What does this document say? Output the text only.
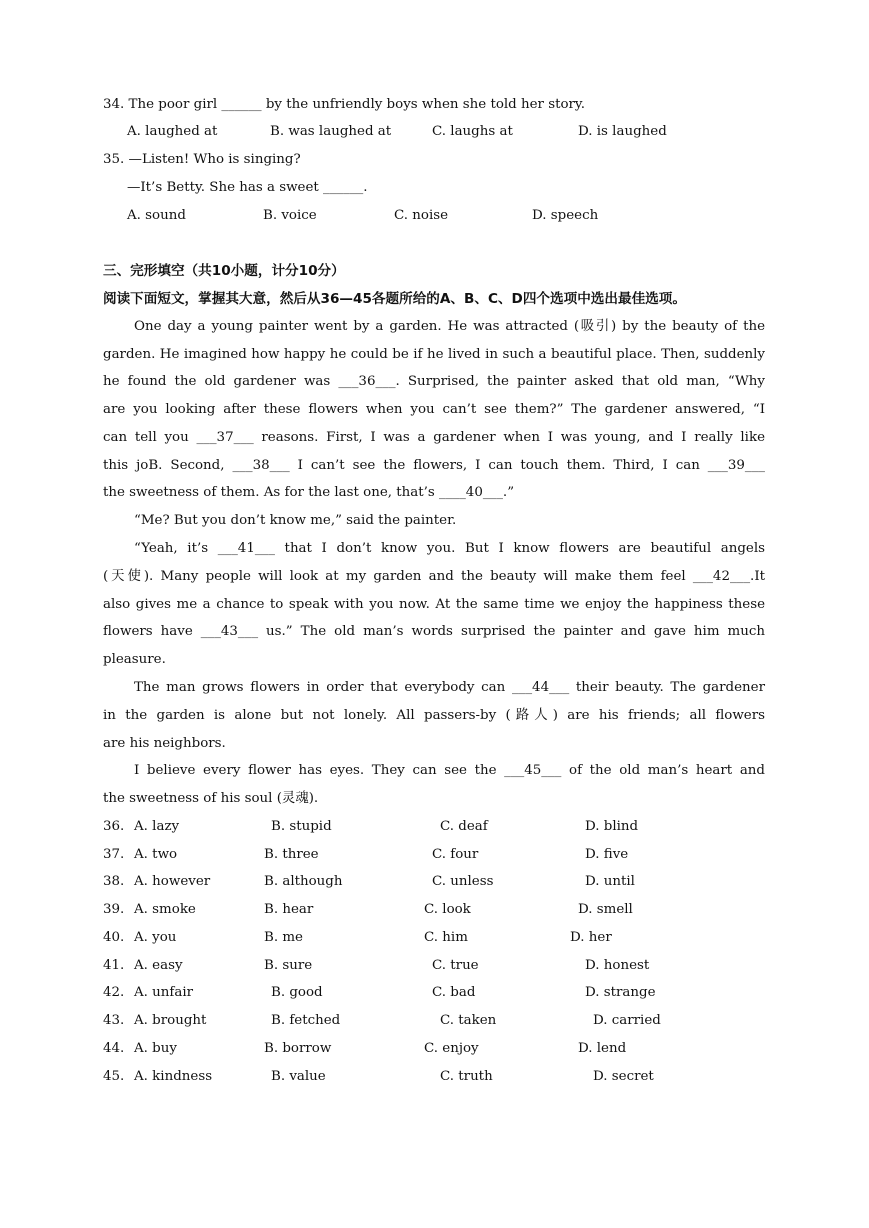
34. The poor girl ______ by the unfriendly boys when she told her story.
A. laughed at	B. was laughed at	C. laughs at	D. is laughed
35. —Listen! Who is singing?
—It’s Betty. She has a sweet ______.
A. sound	B. voice	C. noise	D. speech
三、完形填空（共10小题，计分10分）
阅读下面短文，掌握其大意，然后从36—45各题所给的A、B、C、D四个选项中选出最佳选项。
One day a young painter went by a garden. He was attracted (吸引) by the beauty of the
garden. He imagined how happy he could be if he lived in such a beautiful place. Then, suddenly
he found the old gardener was ___36___. Surprised, the painter asked that old man, “Why
are you looking after these flowers when you can’t see them?” The gardener answered, “I
can tell you ___37___ reasons. First, I was a gardener when I was young, and I really like
this joB. Second, ___38___ I can’t see the flowers, I can touch them. Third, I can ___39___
the sweetness of them. As for the last one, that’s ____40___.”
“Me? But you don’t know me,” said the painter.
“Yeah, it’s ___41___ that I don’t know you. But I know flowers are beautiful angels
(天使). Many people will look at my garden and the beauty will make them feel ___42___.It
also gives me a chance to speak with you now. At the same time we enjoy the happiness these
flowers have ___43___ us.” The old man’s words surprised the painter and gave him much
pleasure.
The man grows flowers in order that everybody can ___44___ their beauty. The gardener
in the garden is alone but not lonely. All passers-by (路人) are his friends; all flowers
are his neighbors.
I believe every flower has eyes. They can see the ___45___ of the old man’s heart and
the sweetness of his soul (灵魂).
36. A. lazy	B. stupid	C. deaf	D. blind
37. A. two	B. three	C. four	D. five
38. A. however	B. although	C. unless	D. until
39. A. smoke	B. hear	C. look	D. smell
40. A. you	B. me	C. him	D. her
41. A. easy	B. sure	C. true	D. honest
42. A. unfair	B. good	C. bad	D. strange
43. A. brought	B. fetched	C. taken	D. carried
44. A. buy	B. borrow	C. enjoy	D. lend
45. A. kindness	B. value	C. truth	D. secret
